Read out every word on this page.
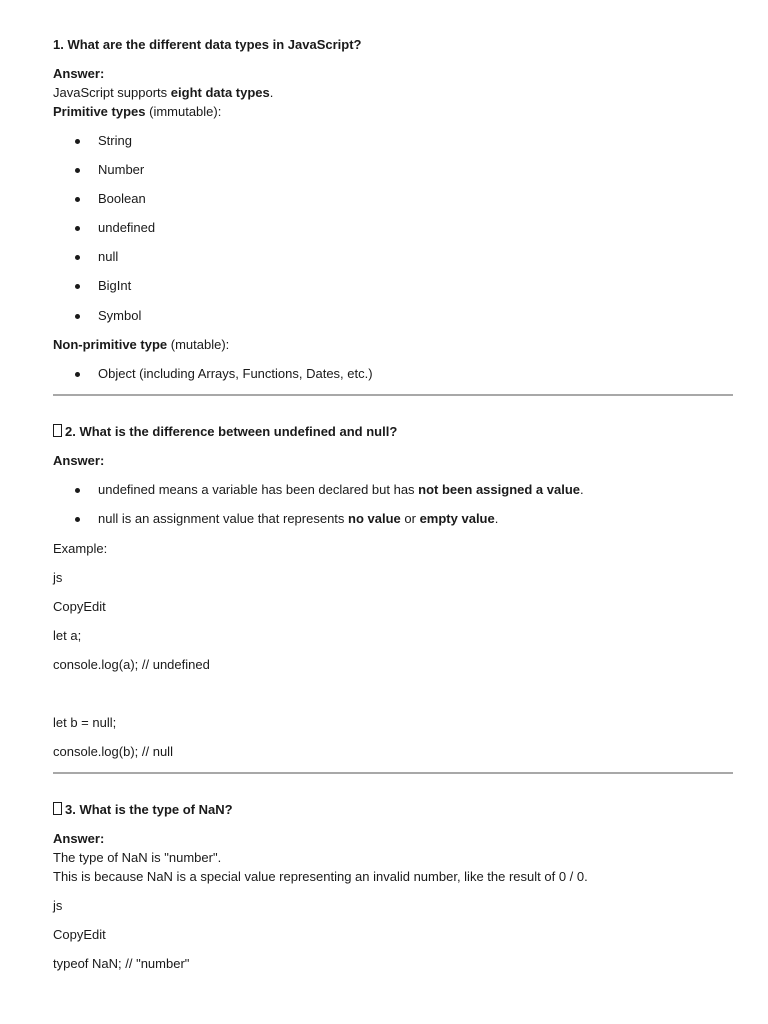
1. What are the different data types in JavaScript?
Answer:
JavaScript supports eight data types.
Primitive types (immutable):
String
Number
Boolean
undefined
null
BigInt
Symbol
Non-primitive type (mutable):
Object (including Arrays, Functions, Dates, etc.)
2. What is the difference between undefined and null?
Answer:
undefined means a variable has been declared but has not been assigned a value.
null is an assignment value that represents no value or empty value.
Example:
js
CopyEdit
let a;
console.log(a); // undefined
let b = null;
console.log(b); // null
3. What is the type of NaN?
Answer:
The type of NaN is "number".
This is because NaN is a special value representing an invalid number, like the result of 0 / 0.
js
CopyEdit
typeof NaN; // "number"
